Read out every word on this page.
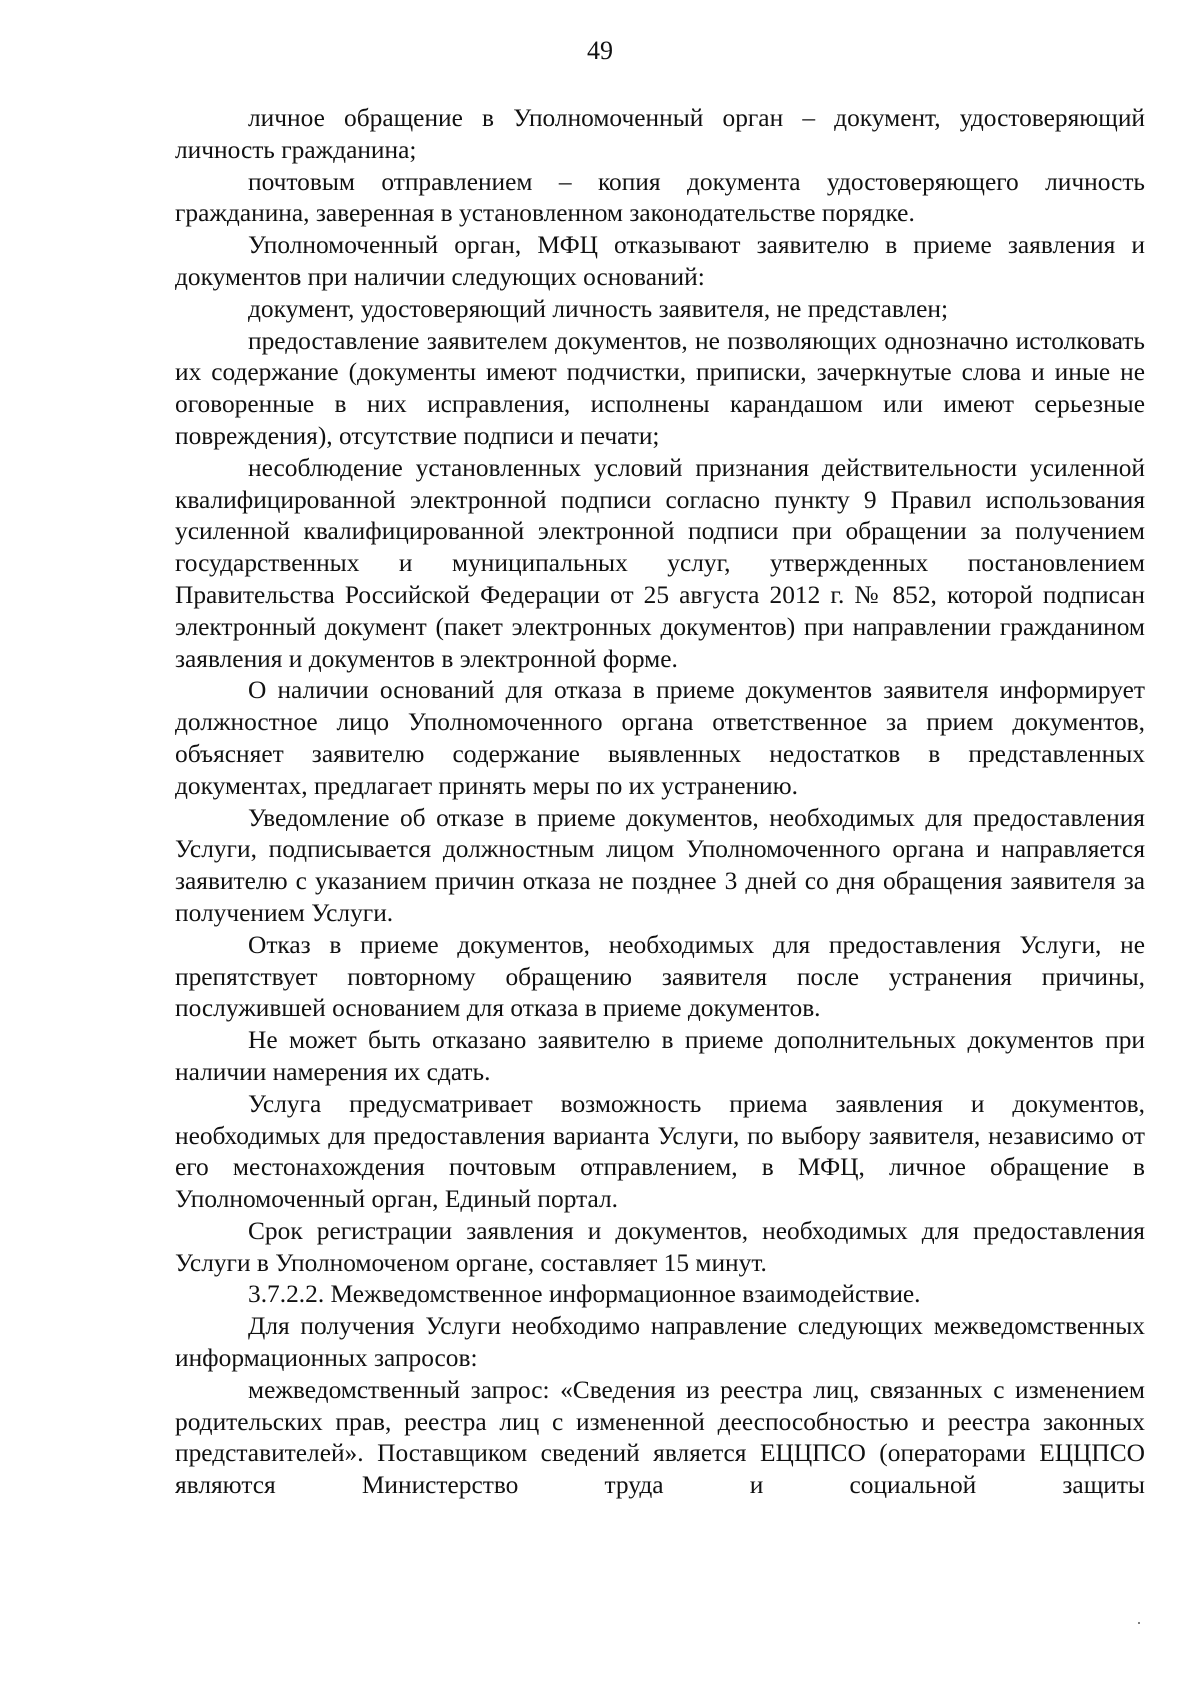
49

личное обращение в Уполномоченный орган – документ, удостоверяющий личность гражданина;

почтовым отправлением – копия документа удостоверяющего личность гражданина, заверенная в установленном законодательстве порядке.

Уполномоченный орган, МФЦ отказывают заявителю в приеме заявления и документов при наличии следующих оснований:

документ, удостоверяющий личность заявителя, не представлен;

предоставление заявителем документов, не позволяющих однозначно истолковать их содержание (документы имеют подчистки, приписки, зачеркнутые слова и иные не оговоренные в них исправления, исполнены карандашом или имеют серьезные повреждения), отсутствие подписи и печати;

несоблюдение установленных условий признания действительности усиленной квалифицированной электронной подписи согласно пункту 9 Правил использования усиленной квалифицированной электронной подписи при обращении за получением государственных и муниципальных услуг, утвержденных постановлением Правительства Российской Федерации от 25 августа 2012 г. № 852, которой подписан электронный документ (пакет электронных документов) при направлении гражданином заявления и документов в электронной форме.

О наличии оснований для отказа в приеме документов заявителя информирует должностное лицо Уполномоченного органа ответственное за прием документов, объясняет заявителю содержание выявленных недостатков в представленных документах, предлагает принять меры по их устранению.

Уведомление об отказе в приеме документов, необходимых для предоставления Услуги, подписывается должностным лицом Уполномоченного органа и направляется заявителю с указанием причин отказа не позднее 3 дней со дня обращения заявителя за получением Услуги.

Отказ в приеме документов, необходимых для предоставления Услуги, не препятствует повторному обращению заявителя после устранения причины, послужившей основанием для отказа в приеме документов.

Не может быть отказано заявителю в приеме дополнительных документов при наличии намерения их сдать.

Услуга предусматривает возможность приема заявления и документов, необходимых для предоставления варианта Услуги, по выбору заявителя, независимо от его местонахождения почтовым отправлением, в МФЦ, личное обращение в Уполномоченный орган, Единый портал.

Срок регистрации заявления и документов, необходимых для предоставления Услуги в Уполномоченом органе, составляет 15 минут.

3.7.2.2. Межведомственное информационное взаимодействие.

Для получения Услуги необходимо направление следующих межведомственных информационных запросов:

межведомственный запрос: «Сведения из реестра лиц, связанных с изменением родительских прав, реестра лиц с измененной дееспособностью и реестра законных представителей». Поставщиком сведений является ЕЦЦПСО (операторами ЕЦЦПСО являются Министерство труда и социальной защиты
